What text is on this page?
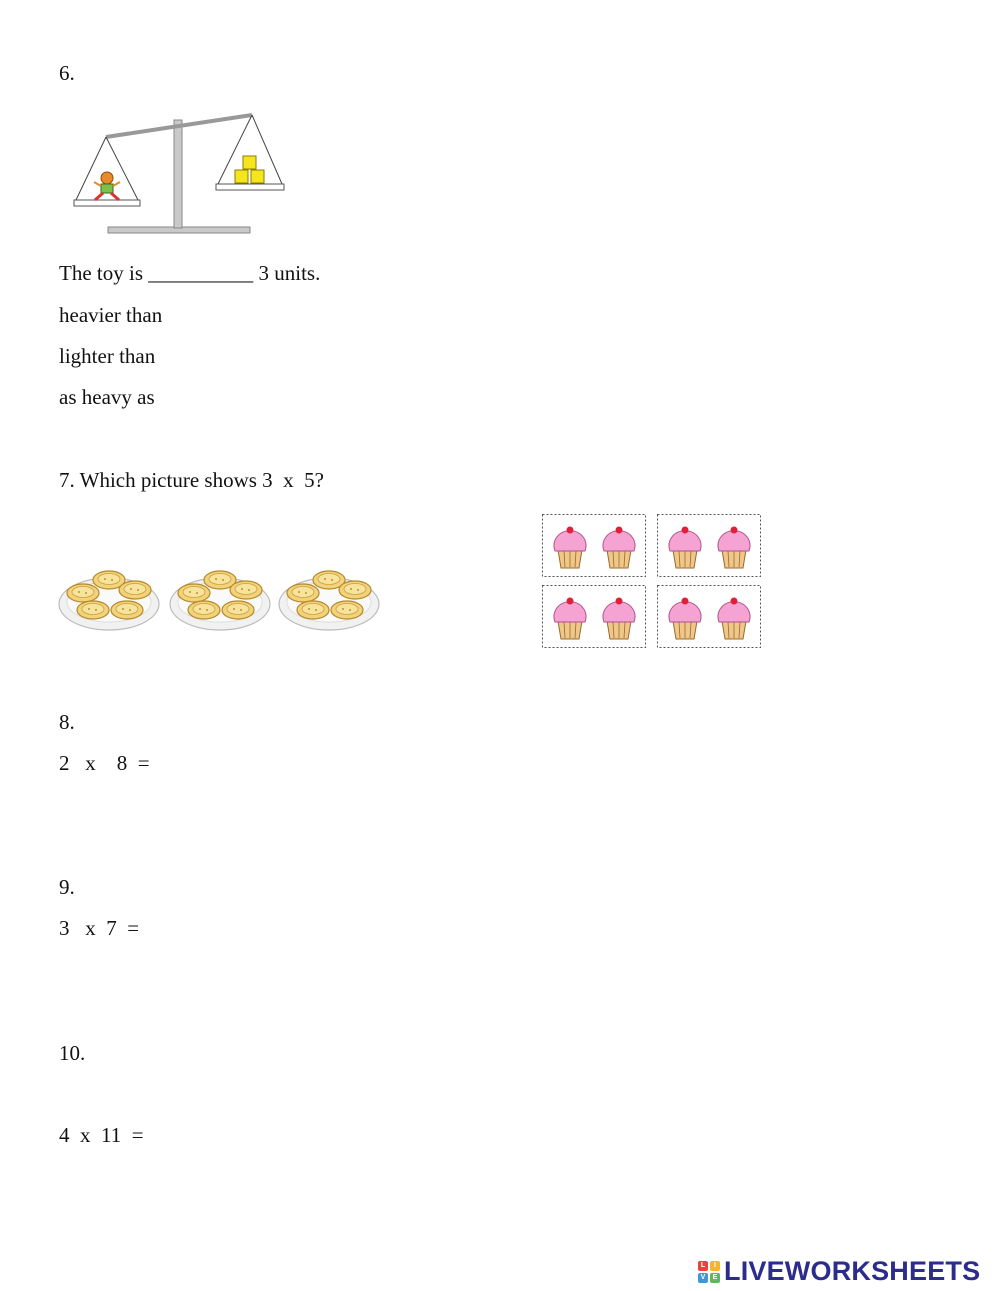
6.

The toy is __________ 3 units.

heavier than

lighter than

as heavy as

7. Which picture shows 3  x  5?

8.

2   x    8  =

9.

3   x  7  =

10.

4  x  11  =

L	I
V	E LIVEWORKSHEETS
